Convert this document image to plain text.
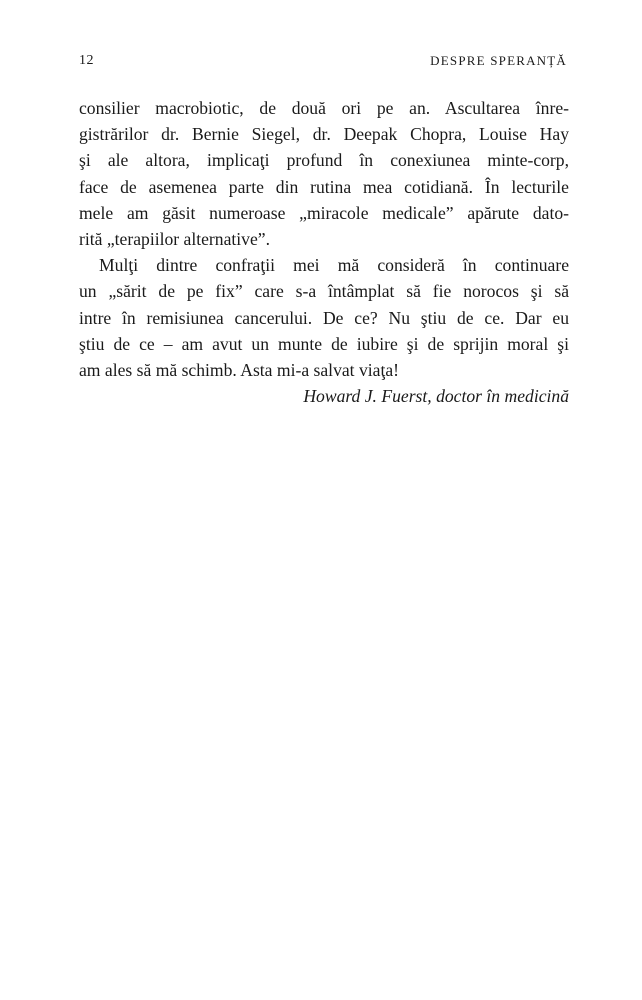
12	DESPRE SPERANȚĂ
consilier macrobiotic, de două ori pe an. Ascultarea înre-
gistrărilor dr. Bernie Siegel, dr. Deepak Chopra, Louise Hay
şi ale altora, implicaţi profund în conexiunea minte-corp,
face de asemenea parte din rutina mea cotidiană. În lecturile
mele am găsit numeroase „miracole medicale” apărute dato-
rită „terapiilor alternative”.
Mulţi dintre confraţii mei mă consideră în continuare
un „sărit de pe fix” care s-a întâmplat să fie norocos şi să
intre în remisiunea cancerului. De ce? Nu ştiu de ce. Dar eu
ştiu de ce – am avut un munte de iubire şi de sprijin moral şi
am ales să mă schimb. Asta mi-a salvat viaţa!
Howard J. Fuerst, doctor în medicină
